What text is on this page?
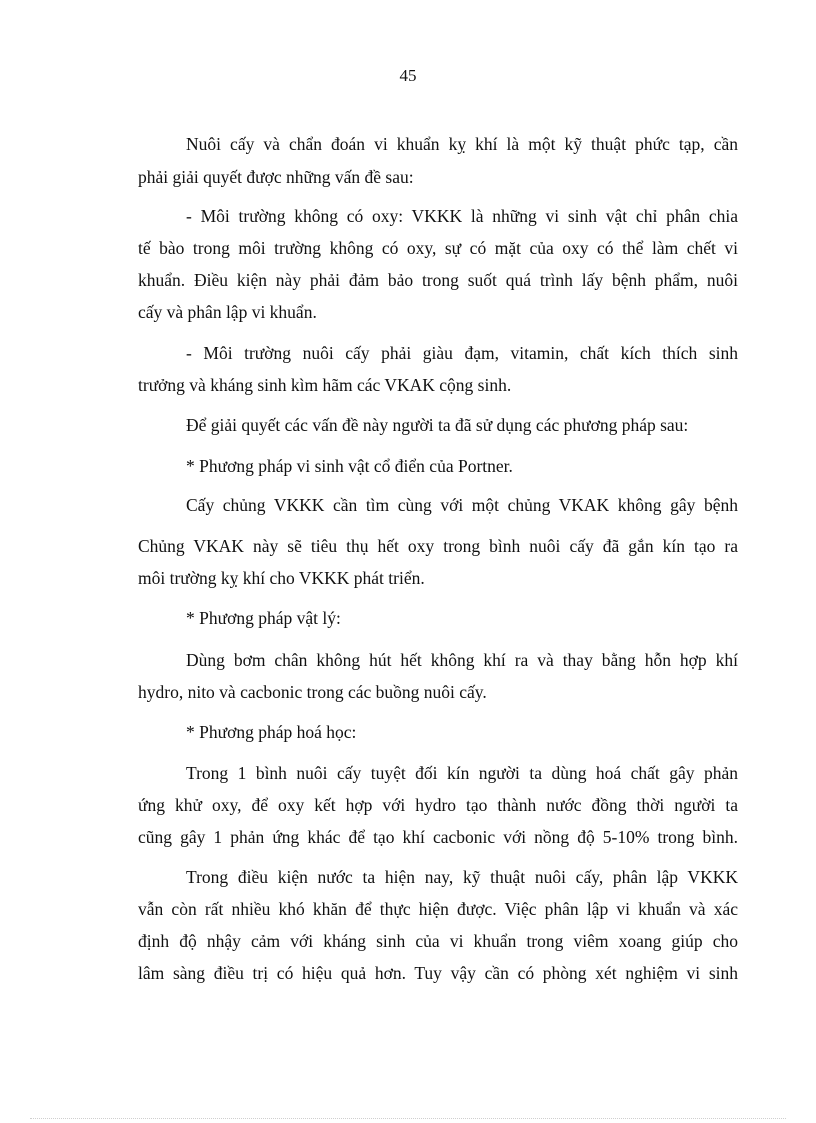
45
Nuôi cấy và chẩn đoán vi khuẩn kỵ khí là một kỹ thuật phức tạp, cần
phải giải quyết được những vấn đề sau:
- Môi trường không có oxy: VKKK là những vi sinh vật chỉ phân chia
tế bào trong môi trường không có oxy, sự có mặt của oxy có thể làm chết vi
khuẩn. Điều kiện này phải đảm bảo trong suốt quá trình lấy bệnh phẩm, nuôi
cấy và phân lập vi khuẩn.
- Môi trường nuôi cấy phải giàu đạm, vitamin, chất kích thích sinh
trưởng và kháng sinh kìm hãm các VKAK cộng sinh.
Để giải quyết các vấn đề này người ta đã sử dụng các phương pháp sau:
* Phương pháp vi sinh vật cổ điển của Portner.
Cấy chủng VKKK cần tìm cùng với một chủng VKAK không gây bệnh
Chủng VKAK này sẽ tiêu thụ hết oxy trong bình nuôi cấy đã gắn kín tạo ra
môi trường kỵ khí cho VKKK phát triển.
* Phương pháp vật lý:
Dùng bơm chân không hút hết không khí ra và thay bằng hỗn hợp khí
hydro, nito và cacbonic trong các buồng nuôi cấy.
* Phương pháp hoá học:
Trong 1 bình nuôi cấy tuyệt đối kín người ta dùng hoá chất gây phản
ứng khử oxy, để oxy kết hợp với hydro tạo thành nước đồng thời người ta
cũng gây 1 phản ứng khác để tạo khí cacbonic với nồng độ 5-10% trong bình.
Trong điều kiện nước ta hiện nay, kỹ thuật nuôi cấy, phân lập VKKK
vẫn còn rất nhiều khó khăn để thực hiện được. Việc phân lập vi khuẩn và xác
định độ nhậy cảm với kháng sinh của vi khuẩn trong viêm xoang giúp cho
lâm sàng điều trị có hiệu quả hơn. Tuy vậy cần có phòng xét nghiệm vi sinh
